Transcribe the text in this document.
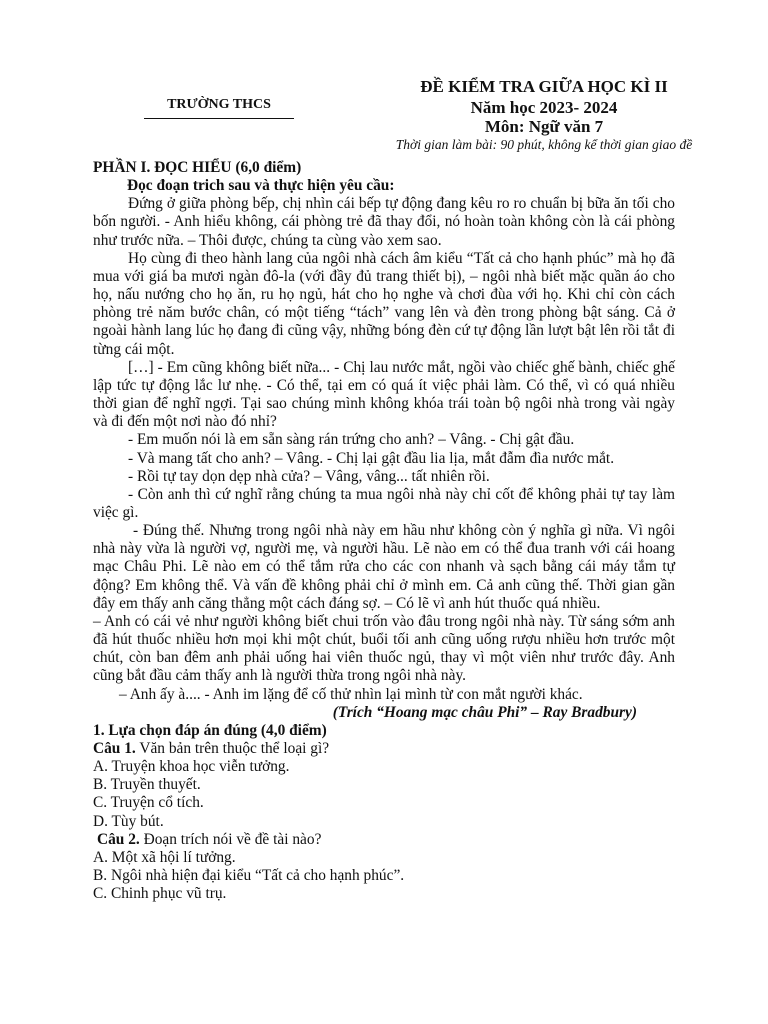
TRƯỜNG THCS
ĐỀ KIỂM TRA GIỮA HỌC KÌ II
Năm học 2023- 2024
Môn: Ngữ văn 7
Thời gian làm bài: 90 phút, không kể thời gian giao đề

PHẦN I. ĐỌC HIỂU (6,0 điểm)

Đọc đoạn trich sau và thực hiện yêu cầu:

Đứng ở giữa phòng bếp, chị nhìn cái bếp tự động đang kêu ro ro chuẩn bị bữa ăn tối cho bốn người. - Anh hiểu không, cái phòng trẻ đã thay đổi, nó hoàn toàn không còn là cái phòng như trước nữa. – Thôi được, chúng ta cùng vào xem sao.

Họ cùng đi theo hành lang của ngôi nhà cách âm kiểu “Tất cả cho hạnh phúc” mà họ đã mua với giá ba mươi ngàn đô-la (với đầy đủ trang thiết bị), – ngôi nhà biết mặc quần áo cho họ, nấu nướng cho họ ăn, ru họ ngủ, hát cho họ nghe và chơi đùa với họ. Khi chỉ còn cách phòng trẻ năm bước chân, có một tiếng “tách” vang lên và đèn trong phòng bật sáng. Cả ở ngoài hành lang lúc họ đang đi cũng vậy, những bóng đèn cứ tự động lần lượt bật lên rồi tắt đi từng cái một.

[…] - Em cũng không biết nữa... - Chị lau nước mắt, ngồi vào chiếc ghế bành, chiếc ghế lập tức tự động lắc lư nhẹ. - Có thể, tại em có quá ít việc phải làm. Có thể, vì có quá nhiều thời gian để nghĩ ngợi. Tại sao chúng mình không khóa trái toàn bộ ngôi nhà trong vài ngày và đi đến một nơi nào đó nhỉ?

- Em muốn nói là em sẵn sàng rán trứng cho anh? – Vâng. - Chị gật đầu.

- Và mang tất cho anh? – Vâng. - Chị lại gật đầu lia lịa, mắt đẫm đìa nước mắt.

- Rồi tự tay dọn dẹp nhà cửa? – Vâng, vâng... tất nhiên rồi.

- Còn anh thì cứ nghĩ rằng chúng ta mua ngôi nhà này chỉ cốt để không phải tự tay làm việc gì.

- Đúng thế. Nhưng trong ngôi nhà này em hầu như không còn ý nghĩa gì nữa. Vì ngôi nhà này vừa là người vợ, người mẹ, và người hầu. Lẽ nào em có thể đua tranh với cái hoang mạc Châu Phi. Lẽ nào em có thể tắm rửa cho các con nhanh và sạch bằng cái máy tắm tự động? Em không thể. Và vấn đề không phải chỉ ở mình em. Cả anh cũng thế. Thời gian gần đây em thấy anh căng thẳng một cách đáng sợ. – Có lẽ vì anh hút thuốc quá nhiều.

– Anh có cái vẻ như người không biết chui trốn vào đâu trong ngôi nhà này. Từ sáng sớm anh đã hút thuốc nhiều hơn mọi khi một chút, buổi tối anh cũng uống rượu nhiều hơn trước một chút, còn ban đêm anh phải uống hai viên thuốc ngủ, thay vì một viên như trước đây. Anh cũng bắt đầu cảm thấy anh là người thừa trong ngôi nhà này.

– Anh ấy à.... - Anh im lặng để cố thử nhìn lại mình từ con mắt người khác.

(Trích “Hoang mạc châu Phi” – Ray Bradbury)

1. Lựa chọn đáp án đúng (4,0 điểm)

Câu 1. Văn bản trên thuộc thể loại gì?

A. Truyện khoa học viễn tưởng.

B. Truyền thuyết.

C. Truyện cổ tích.

D. Tùy bút.

Câu 2. Đoạn trích nói về đề tài nào?

A. Một xã hội lí tưởng.

B. Ngôi nhà hiện đại kiểu “Tất cả cho hạnh phúc”.

C. Chinh phục vũ trụ.
